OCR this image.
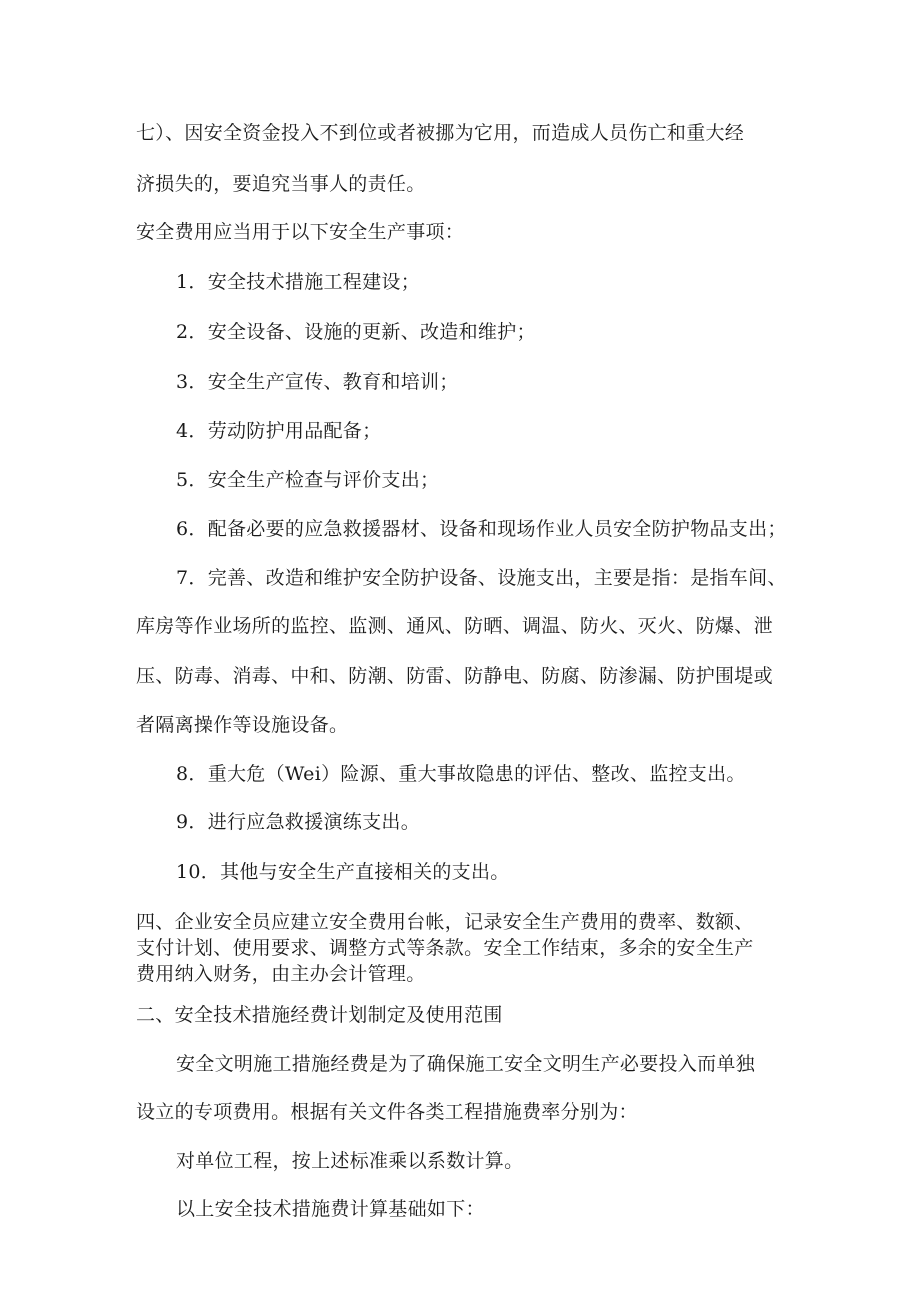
七）、因安全资金投入不到位或者被挪为它用，而造成人员伤亡和重大经
济损失的，要追究当事人的责任。
安全费用应当用于以下安全生产事项：
1．安全技术措施工程建设；
2．安全设备、设施的更新、改造和维护；
3．安全生产宣传、教育和培训；
4．劳动防护用品配备；
5．安全生产检查与评价支出；
6．配备必要的应急救援器材、设备和现场作业人员安全防护物品支出；
7．完善、改造和维护安全防护设备、设施支出，主要是指：是指车间、
库房等作业场所的监控、监测、通风、防晒、调温、防火、灭火、防爆、泄
压、防毒、消毒、中和、防潮、防雷、防静电、防腐、防渗漏、防护围堤或
者隔离操作等设施设备。
8．重大危（Wei）险源、重大事故隐患的评估、整改、监控支出。
9．进行应急救援演练支出。
10．其他与安全生产直接相关的支出。
四、企业安全员应建立安全费用台帐，记录安全生产费用的费率、数额、
支付计划、使用要求、调整方式等条款。安全工作结束，多余的安全生产
费用纳入财务，由主办会计管理。
二、安全技术措施经费计划制定及使用范围
安全文明施工措施经费是为了确保施工安全文明生产必要投入而单独
设立的专项费用。根据有关文件各类工程措施费率分别为：
对单位工程，按上述标准乘以系数计算。
以上安全技术措施费计算基础如下：
